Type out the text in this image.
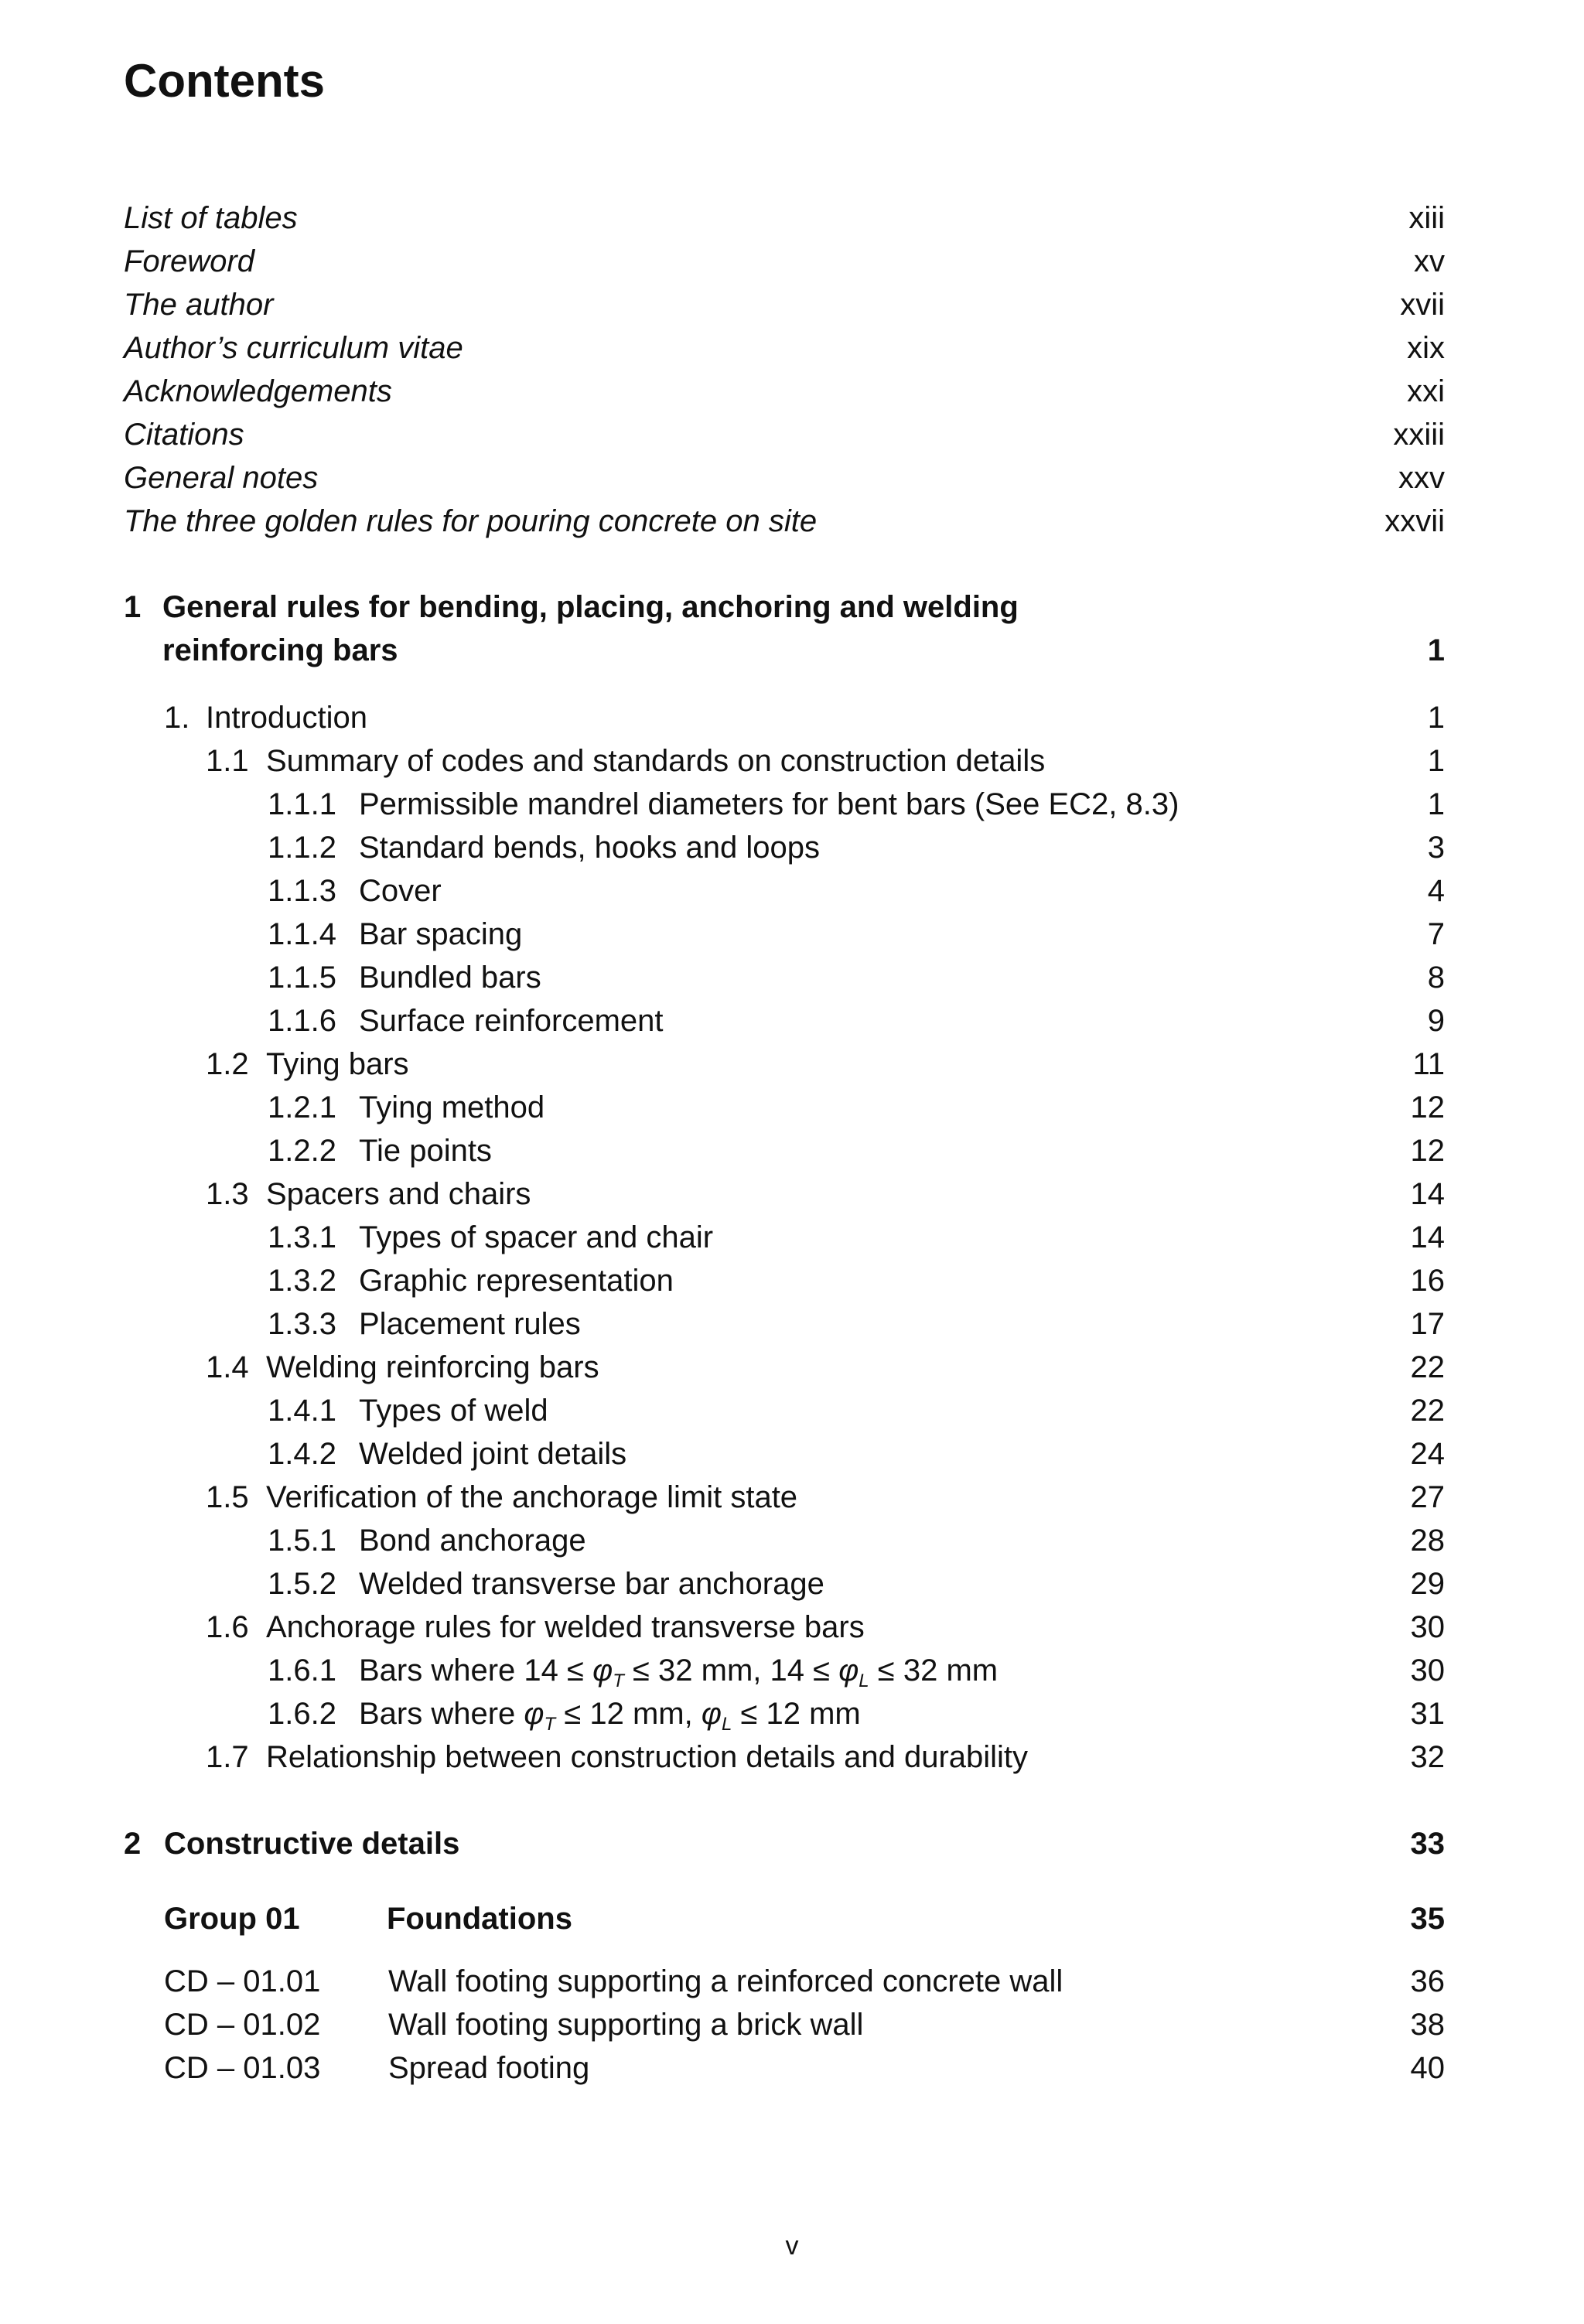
Contents
List of tables	xiii
Foreword	xv
The author	xvii
Author’s curriculum vitae	xix
Acknowledgements	xxi
Citations	xxiii
General notes	xxv
The three golden rules for pouring concrete on site	xxvii
1 General rules for bending, placing, anchoring and welding
reinforcing bars	1
1. Introduction	1
1.1 Summary of codes and standards on construction details	1
1.1.1 Permissible mandrel diameters for bent bars (See EC2, 8.3)	1
1.1.2 Standard bends, hooks and loops	3
1.1.3 Cover	4
1.1.4 Bar spacing	7
1.1.5 Bundled bars	8
1.1.6 Surface reinforcement	9
1.2 Tying bars	11
1.2.1 Tying method	12
1.2.2 Tie points	12
1.3 Spacers and chairs	14
1.3.1 Types of spacer and chair	14
1.3.2 Graphic representation	16
1.3.3 Placement rules	17
1.4 Welding reinforcing bars	22
1.4.1 Types of weld	22
1.4.2 Welded joint details	24
1.5 Verification of the anchorage limit state	27
1.5.1 Bond anchorage	28
1.5.2 Welded transverse bar anchorage	29
1.6 Anchorage rules for welded transverse bars	30
1.6.1 Bars where $14 \le \varphi_T \le 32$ mm, $14 \le \varphi_L \le 32$ mm	30
1.6.2 Bars where $\varphi_T \le 12$ mm, $\varphi_L \le 12$ mm	31
1.7 Relationship between construction details and durability	32
2 Constructive details	33
Group 01	Foundations	35
CD – 01.01 Wall footing supporting a reinforced concrete wall	36
CD – 01.02 Wall footing supporting a brick wall	38
CD – 01.03 Spread footing	40
v
